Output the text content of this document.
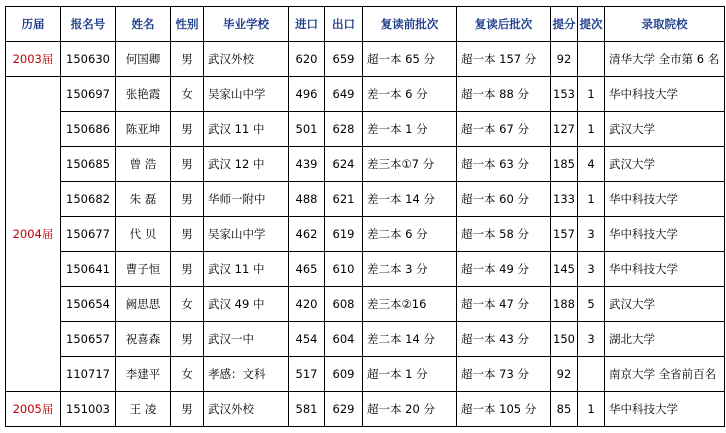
历届	报名号	姓名	性别	毕业学校	进口	出口	复读前批次	复读后批次	提分	提次	录取院校
2003届	150630	何国卿	男	武汉外校	620	659	超一本 65 分	超一本 157 分	92		清华大学 全市第 6 名
2004届	150697	张艳霞	女	吴家山中学	496	649	差一本 6 分	超一本 88 分	153	1	华中科技大学
	150686	陈亚坤	男	武汉 11 中	501	628	差一本 1 分	超一本 67 分	127	1	武汉大学
	150685	曾 浩	男	武汉 12 中	439	624	差三本①7 分	超一本 63 分	185	4	武汉大学
	150682	朱 磊	男	华师一附中	488	621	差一本 14 分	超一本 60 分	133	1	华中科技大学
	150677	代 贝	男	吴家山中学	462	619	差二本 6 分	超一本 58 分	157	3	华中科技大学
	150641	曹子恒	男	武汉 11 中	465	610	差二本 3 分	超一本 49 分	145	3	华中科技大学
	150654	阙思思	女	武汉 49 中	420	608	差三本②16	超一本 47 分	188	5	武汉大学
	150657	祝喜森	男	武汉一中	454	604	差二本 14 分	超一本 43 分	150	3	湖北大学
	110717	李建平	女	孝感：文科	517	609	超一本 1 分	超一本 73 分	92		南京大学 全省前百名
2005届	151003	王 凌	男	武汉外校	581	629	超一本 20 分	超一本 105 分	85	1	华中科技大学
